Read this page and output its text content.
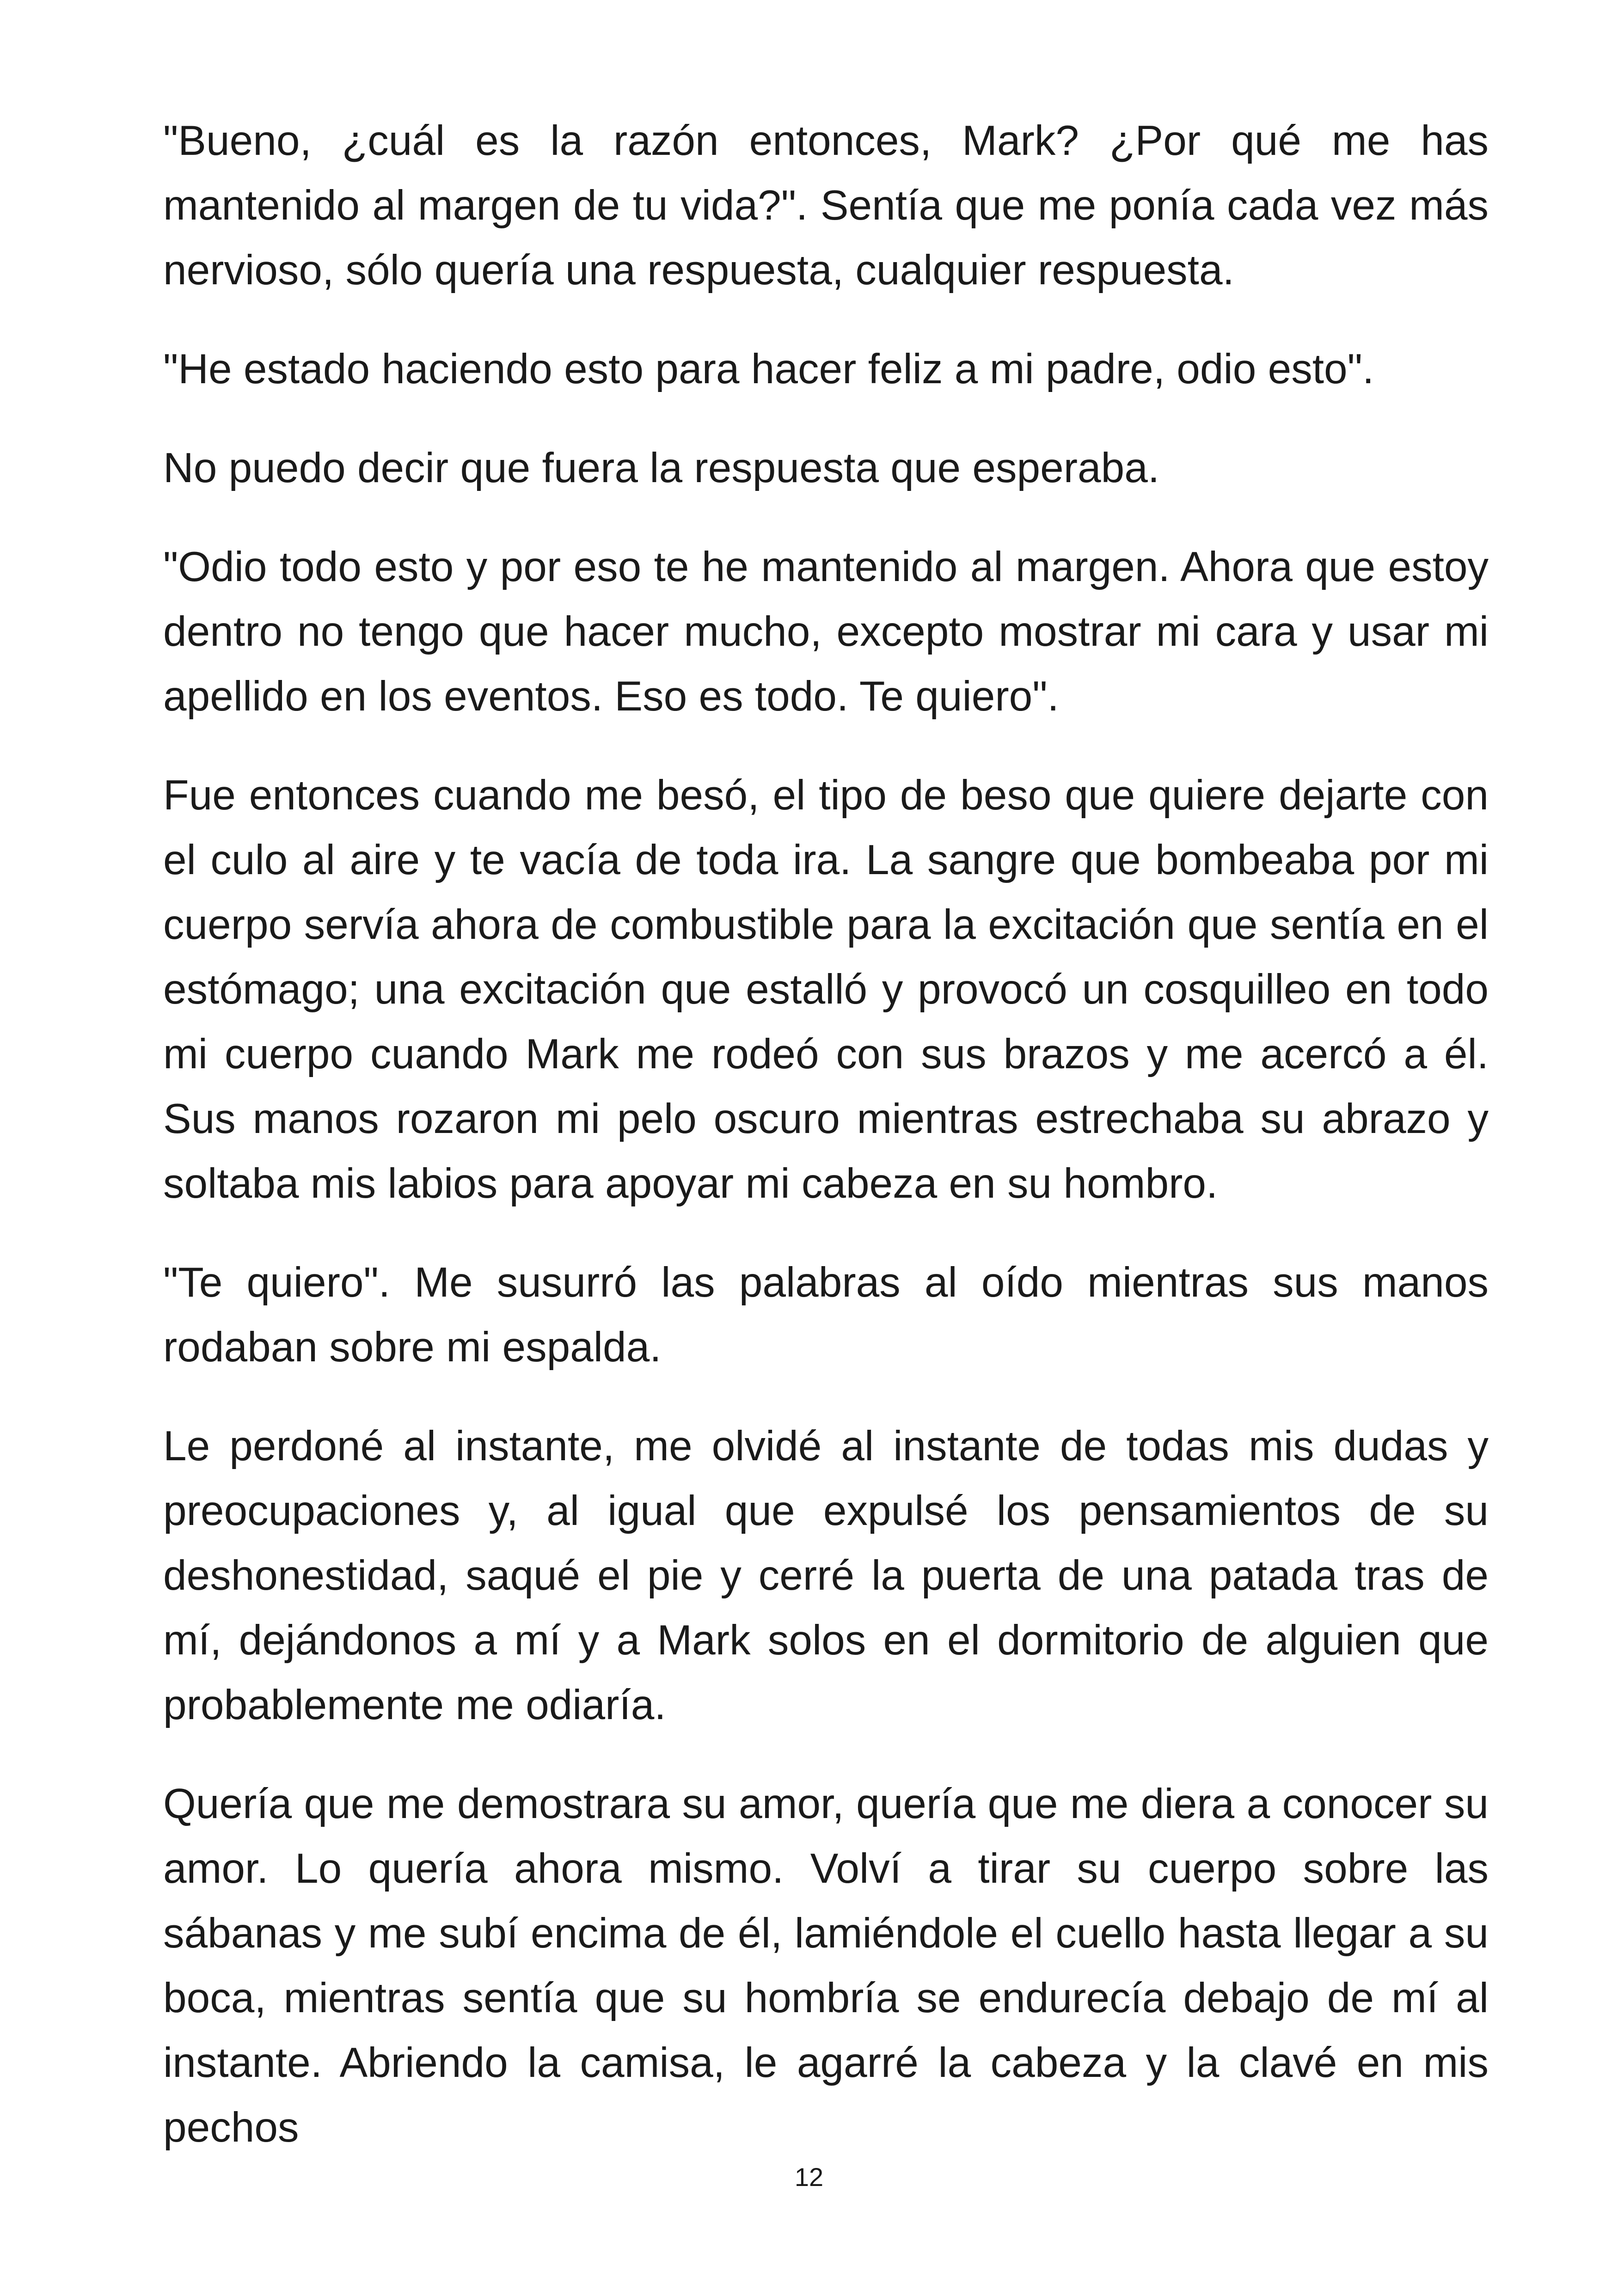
"Bueno, ¿cuál es la razón entonces, Mark? ¿Por qué me has mantenido al margen de tu vida?". Sentía que me ponía cada vez más nervioso, sólo quería una respuesta, cualquier respuesta.

"He estado haciendo esto para hacer feliz a mi padre, odio esto".

No puedo decir que fuera la respuesta que esperaba.

"Odio todo esto y por eso te he mantenido al margen. Ahora que estoy dentro no tengo que hacer mucho, excepto mostrar mi cara y usar mi apellido en los eventos. Eso es todo. Te quiero".

Fue entonces cuando me besó, el tipo de beso que quiere dejarte con el culo al aire y te vacía de toda ira. La sangre que bombeaba por mi cuerpo servía ahora de combustible para la excitación que sentía en el estómago; una excitación que estalló y provocó un cosquilleo en todo mi cuerpo cuando Mark me rodeó con sus brazos y me acercó a él. Sus manos rozaron mi pelo oscuro mientras estrechaba su abrazo y soltaba mis labios para apoyar mi cabeza en su hombro.

"Te quiero". Me susurró las palabras al oído mientras sus manos rodaban sobre mi espalda.

Le perdoné al instante, me olvidé al instante de todas mis dudas y preocupaciones y, al igual que expulsé los pensamientos de su deshonestidad, saqué el pie y cerré la puerta de una patada tras de mí, dejándonos a mí y a Mark solos en el dormitorio de alguien que probablemente me odiaría.

Quería que me demostrara su amor, quería que me diera a conocer su amor. Lo quería ahora mismo. Volví a tirar su cuerpo sobre las sábanas y me subí encima de él, lamiéndole el cuello hasta llegar a su boca, mientras sentía que su hombría se endurecía debajo de mí al instante. Abriendo la camisa, le agarré la cabeza y la clavé en mis pechos

12
